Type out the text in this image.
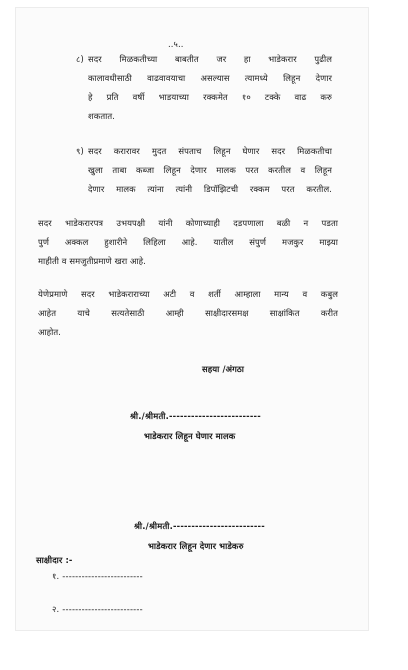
..५..

८) सदर मिळकतीच्या बाबतीत जर हा भाडेकरार पुढील

कालावधीसाठी वाढवावयाचा असल्यास त्यामध्ये लिहून देणार

हे प्रति वर्षी भाडयाच्या रक्कमेत १० टक्के वाढ करु

शकतात.

९) सदर करारावर मुदत संपताच लिहून घेणार सदर मिळकतीचा

खुला ताबा कब्जा लिहून देणार मालक परत करतील व लिहून

देणार मालक त्यांना त्यांनी डिपॉझिटची रक्कम परत करतील.

सदर भाडेकरारपत्र उभयपक्षी यांनी कोणाच्याही दडपणाला बळी न पडता

पुर्ण अक्कल हुशारीने लिहिला आहे. यातील संपुर्ण मजकुर माझ्या

माहीती व समजुतीप्रमाणे खरा आहे.

येणेप्रमाणे सदर भाडेकराराच्या अटी व शर्ती आम्हाला मान्य व कबुल

आहेत याचे सत्यतेसाठी आम्ही साक्षीदारसमक्ष साक्षांकित करीत

आहोत.

सहया /अंगठा

श्री./श्रीमती.-------------------------

भाडेकरार लिहून घेणार मालक

श्री./श्रीमती.-------------------------

भाडेकरार लिहून देणार भाडेकरु

साक्षीदार :-

१. -------------------------

२. -------------------------
